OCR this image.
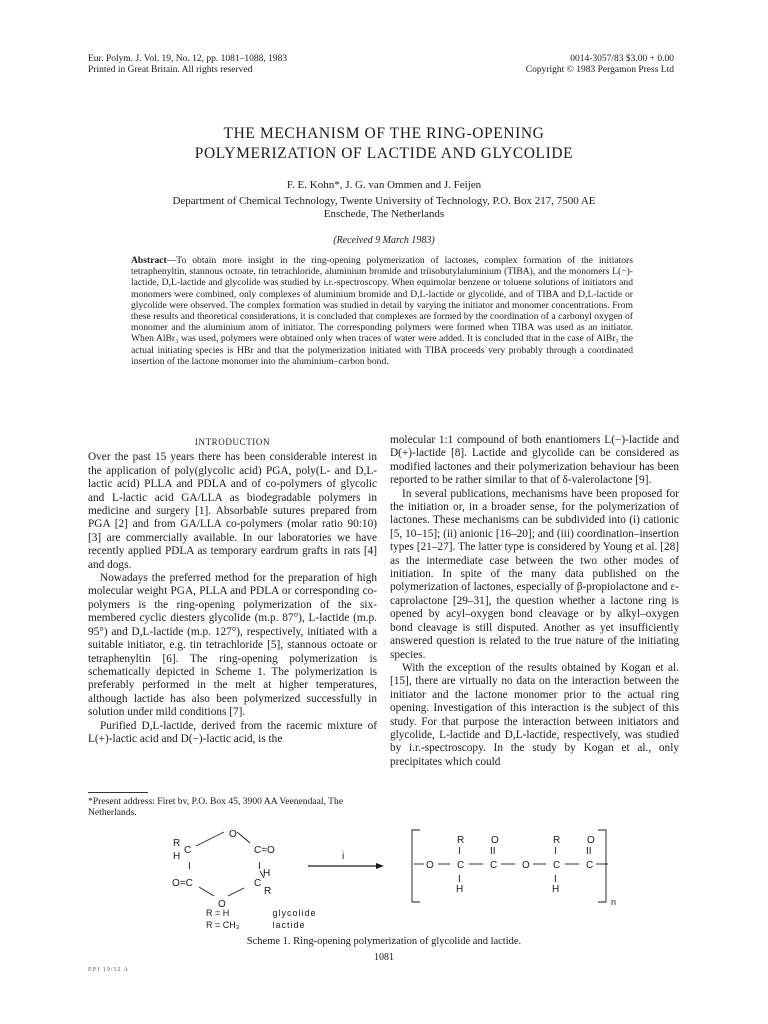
Eur. Polym. J. Vol. 19, No. 12, pp. 1081–1088, 1983
Printed in Great Britain. All rights reserved
0014-3057/83 $3.00 + 0.00
Copyright © 1983 Pergamon Press Ltd
THE MECHANISM OF THE RING-OPENING
POLYMERIZATION OF LACTIDE AND GLYCOLIDE
F. E. Kohn*, J. G. van Ommen and J. Feijen
Department of Chemical Technology, Twente University of Technology, P.O. Box 217, 7500 AE
Enschede, The Netherlands
(Received 9 March 1983)
Abstract—To obtain more insight in the ring-opening polymerization of lactones, complex formation of the initiators tetraphenyltin, stannous octoate, tin tetrachloride, aluminium bromide and triisobutylaluminium (TIBA), and the monomers L(−)-lactide, D,L-lactide and glycolide was studied by i.r.-spectroscopy. When equimolar benzene or toluene solutions of initiators and monomers were combined, only complexes of aluminium bromide and D,L-lactide or glycolide, and of TIBA and D,L-lactide or glycolide were observed. The complex formation was studied in detail by varying the initiator and monomer concentrations. From these results and theoretical considerations, it is concluded that complexes are formed by the coordination of a carbonyl oxygen of monomer and the aluminium atom of initiator. The corresponding polymers were formed when TIBA was used as an initiator. When AlBr₃ was used, polymers were obtained only when traces of water were added. It is concluded that in the case of AlBr₃ the actual initiating species is HBr and that the polymerization initiated with TIBA proceeds very probably through a coordinated insertion of the lactone monomer into the aluminium–carbon bond.
INTRODUCTION

Over the past 15 years there has been considerable interest in the application of poly(glycolic acid) PGA, poly(L- and D,L-lactic acid) PLLA and PDLA and of co-polymers of glycolic and L-lactic acid GA/LLA as biodegradable polymers in medicine and surgery [1]. Absorbable sutures prepared from PGA [2] and from GA/LLA co-polymers (molar ratio 90:10) [3] are commercially available. In our laboratories we have recently applied PDLA as temporary eardrum grafts in rats [4] and dogs.

Nowadays the preferred method for the preparation of high molecular weight PGA, PLLA and PDLA or corresponding co-polymers is the ring-opening polymerization of the six-membered cyclic diesters glycolide (m.p. 87°), L-lactide (m.p. 95°) and D,L-lactide (m.p. 127°), respectively, initiated with a suitable initiator, e.g. tin tetrachloride [5], stannous octoate or tetraphenyltin [6]. The ring-opening polymerization is schematically depicted in Scheme 1. The polymerization is preferably performed in the melt at higher temperatures, although lactide has also been polymerized successfully in solution under mild conditions [7].

Purified D,L-lactide, derived from the racemic mixture of L(+)-lactic acid and D(−)-lactic acid, is the

molecular 1:1 compound of both enantiomers L(−)-lactide and D(+)-lactide [8]. Lactide and glycolide can be considered as modified lactones and their polymerization behaviour has been reported to be rather similar to that of δ-valerolactone [9].

In several publications, mechanisms have been proposed for the initiation or, in a broader sense, for the polymerization of lactones. These mechanisms can be subdivided into (i) cationic [5, 10–15]; (ii) anionic [16–20]; and (iii) coordination–insertion types [21–27]. The latter type is considered by Young et al. [28] as the intermediate case between the two other modes of initiation. In spite of the many data published on the polymerization of lactones, especially of β-propiolactone and ε-caprolactone [29–31], the question whether a lactone ring is opened by acyl–oxygen bond cleavage or by alkyl–oxygen bond cleavage is still disputed. Another as yet insufficiently answered question is related to the true nature of the initiating species.

With the exception of the results obtained by Kogan et al. [15], there are virtually no data on the interaction between the initiator and the lactone monomer prior to the actual ring opening. Investigation of this interaction is the subject of this study. For that purpose the interaction between initiators and glycolide, L-lactide and D,L-lactide, respectively, was studied by i.r.-spectroscopy. In the study by Kogan et al., only precipitates which could

*Present address: Firet bv, P.O. Box 45, 3900 AA Veenendaal, The Netherlands.
O
R
H
C	C=O
I	I
H
O=C	C
R
O
i
R	O	R	O
I	II	I	II
O C	C O C	C
I	I
H	H
n
R = H	glycolide
R = CH₃	lactide
Scheme 1. Ring-opening polymerization of glycolide and lactide.
1081
EPJ 19/12 A
